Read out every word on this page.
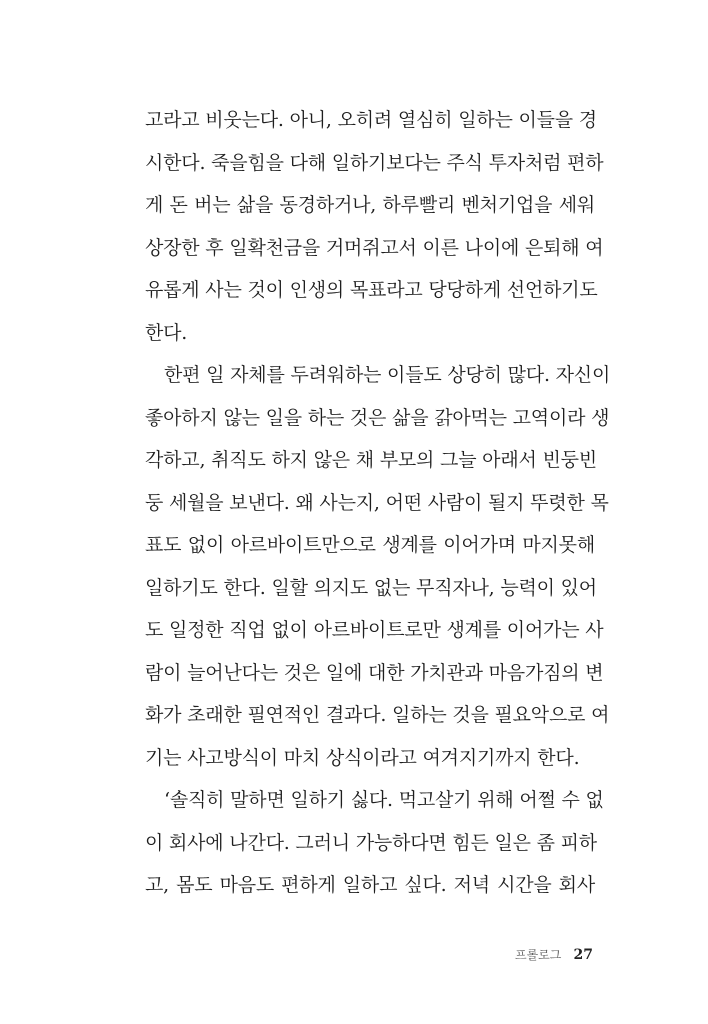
고라고 비웃는다. 아니, 오히려 열심히 일하는 이들을 경
시한다. 죽을힘을 다해 일하기보다는 주식 투자처럼 편하
게 돈 버는 삶을 동경하거나, 하루빨리 벤처기업을 세워
상장한 후 일확천금을 거머쥐고서 이른 나이에 은퇴해 여
유롭게 사는 것이 인생의 목표라고 당당하게 선언하기도
한다.
한편 일 자체를 두려워하는 이들도 상당히 많다. 자신이
좋아하지 않는 일을 하는 것은 삶을 갉아먹는 고역이라 생
각하고, 취직도 하지 않은 채 부모의 그늘 아래서 빈둥빈
둥 세월을 보낸다. 왜 사는지, 어떤 사람이 될지 뚜렷한 목
표도 없이 아르바이트만으로 생계를 이어가며 마지못해
일하기도 한다. 일할 의지도 없는 무직자나, 능력이 있어
도 일정한 직업 없이 아르바이트로만 생계를 이어가는 사
람이 늘어난다는 것은 일에 대한 가치관과 마음가짐의 변
화가 초래한 필연적인 결과다. 일하는 것을 필요악으로 여
기는 사고방식이 마치 상식이라고 여겨지기까지 한다.
‘솔직히 말하면 일하기 싫다. 먹고살기 위해 어쩔 수 없
이 회사에 나간다. 그러니 가능하다면 힘든 일은 좀 피하
고, 몸도 마음도 편하게 일하고 싶다. 저녁 시간을 회사
프롤로그 27
